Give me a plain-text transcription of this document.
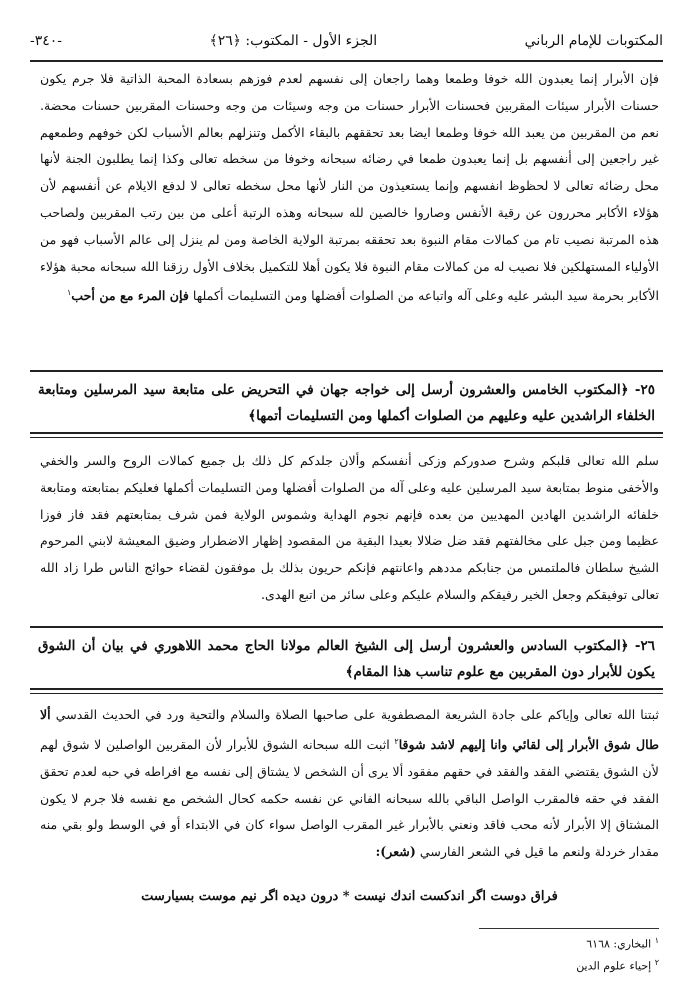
المكتوبات للإمام الرباني
الجزء الأول - المكتوب: ﴿٢٦﴾
-٣٤٠-
فإن الأبرار إنما يعبدون الله خوفا وطمعا وهما راجعان إلى نفسهم لعدم فوزهم بسعادة المحبة الذاتية فلا جرم يكون حسنات الأبرار سيئات المقربين فحسنات الأبرار حسنات من وجه وسيئات من وجه وحسنات المقربين حسنات محضة. نعم من المقربين من يعبد الله خوفا وطمعا ايضا بعد تحققهم بالبقاء الأكمل وتنزلهم بعالم الأسباب لكن خوفهم وطمعهم غير راجعين إلى أنفسهم بل إنما يعبدون طمعا في رضائه سبحانه وخوفا من سخطه تعالى وكذا إنما يطلبون الجنة لأنها محل رضائه تعالى لا لحظوظ انفسهم وإنما يستعيذون من النار لأنها محل سخطه تعالى لا لدفع الايلام عن أنفسهم لأن هؤلاء الأكابر محررون عن رقية الأنفس وصاروا خالصين لله سبحانه وهذه الرتبة أعلى من بين رتب المقربين ولصاحب هذه المرتبة نصيب تام من كمالات مقام النبوة بعد تحققه بمرتبة الولاية الخاصة ومن لم ينزل إلى عالم الأسباب فهو من الأولياء المستهلكين فلا نصيب له من كمالات مقام النبوة فلا يكون أهلا للتكميل بخلاف الأول رزقنا الله سبحانه محبة هؤلاء الأكابر بحرمة سيد البشر عليه وعلى آله واتباعه من الصلوات أفضلها ومن التسليمات أكملها فإن المرء مع من أحب$^١$
٢٥- ﴿المكتوب الخامس والعشرون أرسل إلى خواجه جهان في التحريض على متابعة سيد المرسلين ومتابعة الخلفاء الراشدين عليه وعليهم من الصلوات أكملها ومن التسليمات أتمها﴾
سلم الله تعالى قلبكم وشرح صدوركم وزكى أنفسكم وألان جلدكم كل ذلك بل جميع كمالات الروح والسر والخفي والأخفى منوط بمتابعة سيد المرسلين عليه وعلى آله من الصلوات أفضلها ومن التسليمات أكملها فعليكم بمتابعته ومتابعة خلفائه الراشدين الهادين المهديين من بعده فإنهم نجوم الهداية وشموس الولاية فمن شرف بمتابعتهم فقد فاز فوزا عظيما ومن جبل على مخالفتهم فقد ضل ضلالا بعيدا البقية من المقصود إظهار الاضطرار وضيق المعيشة لابني المرحوم الشيخ سلطان فالملتمس من جنابكم مددهم واعانتهم فإنكم حريون بذلك بل موفقون لقضاء حوائج الناس طرا زاد الله تعالى توفيقكم وجعل الخير رفيقكم والسلام عليكم وعلى سائر من اتبع الهدى.
٢٦- ﴿المكتوب السادس والعشرون أرسل إلى الشيخ العالم مولانا الحاج محمد اللاهوري في بيان أن الشوق يكون للأبرار دون المقربين مع علوم تناسب هذا المقام﴾
ثبتنا الله تعالى وإياكم على جادة الشريعة المصطفوية على صاحبها الصلاة والسلام والتحية ورد في الحديث القدسي ألا طال شوق الأبرار إلى لقائي وانا إليهم لاشد شوقا$^٢$ اثبت الله سبحانه الشوق للأبرار لأن المقربين الواصلين لا شوق لهم لأن الشوق يقتضي الفقد والفقد في حقهم مفقود ألا يرى أن الشخص لا يشتاق إلى نفسه مع افراطه في حبه لعدم تحقق الفقد في حقه فالمقرب الواصل الباقي بالله سبحانه الفاني عن نفسه حكمه كحال الشخص مع نفسه فلا جرم لا يكون المشتاق إلا الأبرار لأنه محب فاقد ونعني بالأبرار غير المقرب الواصل سواء كان في الابتداء أو في الوسط ولو بقي منه مقدار خردلة ولنعم ما قيل في الشعر الفارسي (شعر):
فراق دوست اگر اندكست اندك نيست * درون ديده اگر نيم موست بسيارست
$^١$ البخاري: ٦١٦٨
$^٢$ إحياء علوم الدين
